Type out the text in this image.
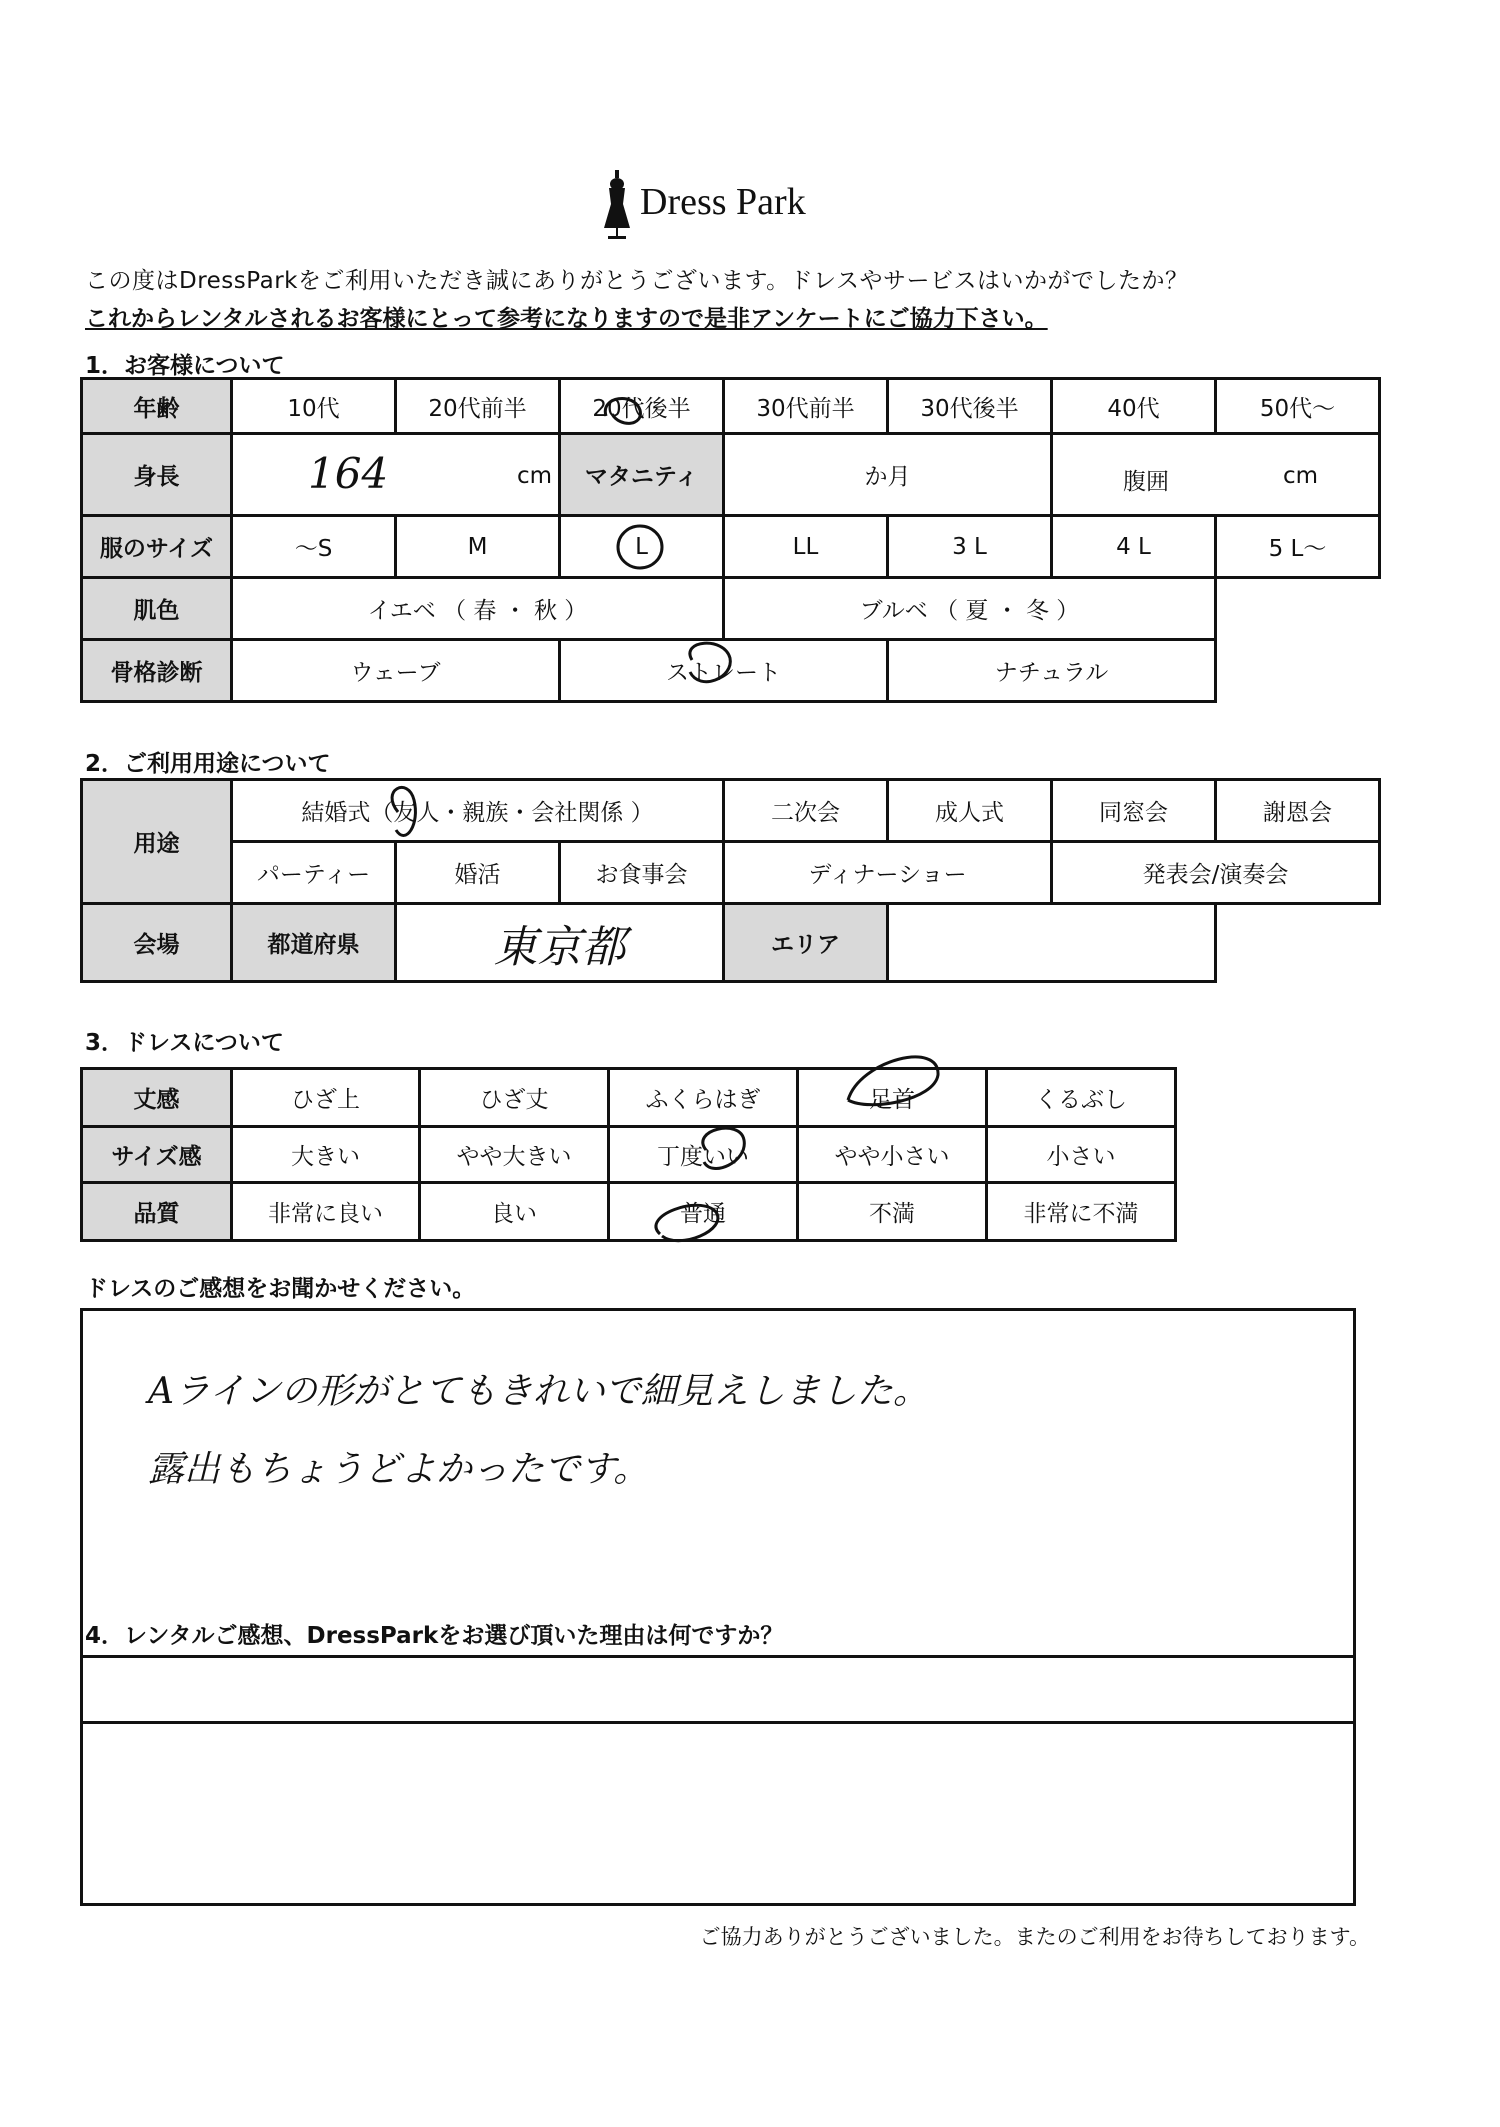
Dress Park
この度はDressParkをご利用いただき誠にありがとうございます。ドレスやサービスはいかがでしたか？
これからレンタルされるお客様にとって参考になりますので是非アンケートにご協力下さい。
1．お客様について
年齢	10代	20代前半	20代後半	30代前半	30代後半	40代	50代〜
身長	164 cm		マタニティ	か月		腹囲 cm	

服のサイズ	〜S	M	L	LL	3 L	4 L	5 L〜
肌色	イエベ （ 春 ・ 秋 ）			ブルベ （ 夏 ・ 冬 ）			
骨格診断	ウェーブ		ストレート		ナチュラル		
2．ご利用用途について
用途	結婚式（友人・親族・会社関係 ）			二次会	成人式	同窓会	謝恩会
	パーティー	婚活	お食事会	ディナーショー		発表会/演奏会	
会場	都道府県	東京都		エリア			
3．ドレスについて
丈感	ひざ上	ひざ丈	ふくらはぎ	足首	くるぶし
サイズ感	大きい	やや大きい	丁度いい	やや小さい	小さい
品質	非常に良い	良い	普通	不満	非常に不満
ドレスのご感想をお聞かせください。
Aラインの形がとてもきれいで細見えしました。
露出もちょうどよかったです。
4．レンタルご感想、DressParkをお選び頂いた理由は何ですか？
ご協力ありがとうございました。またのご利用をお待ちしております。
